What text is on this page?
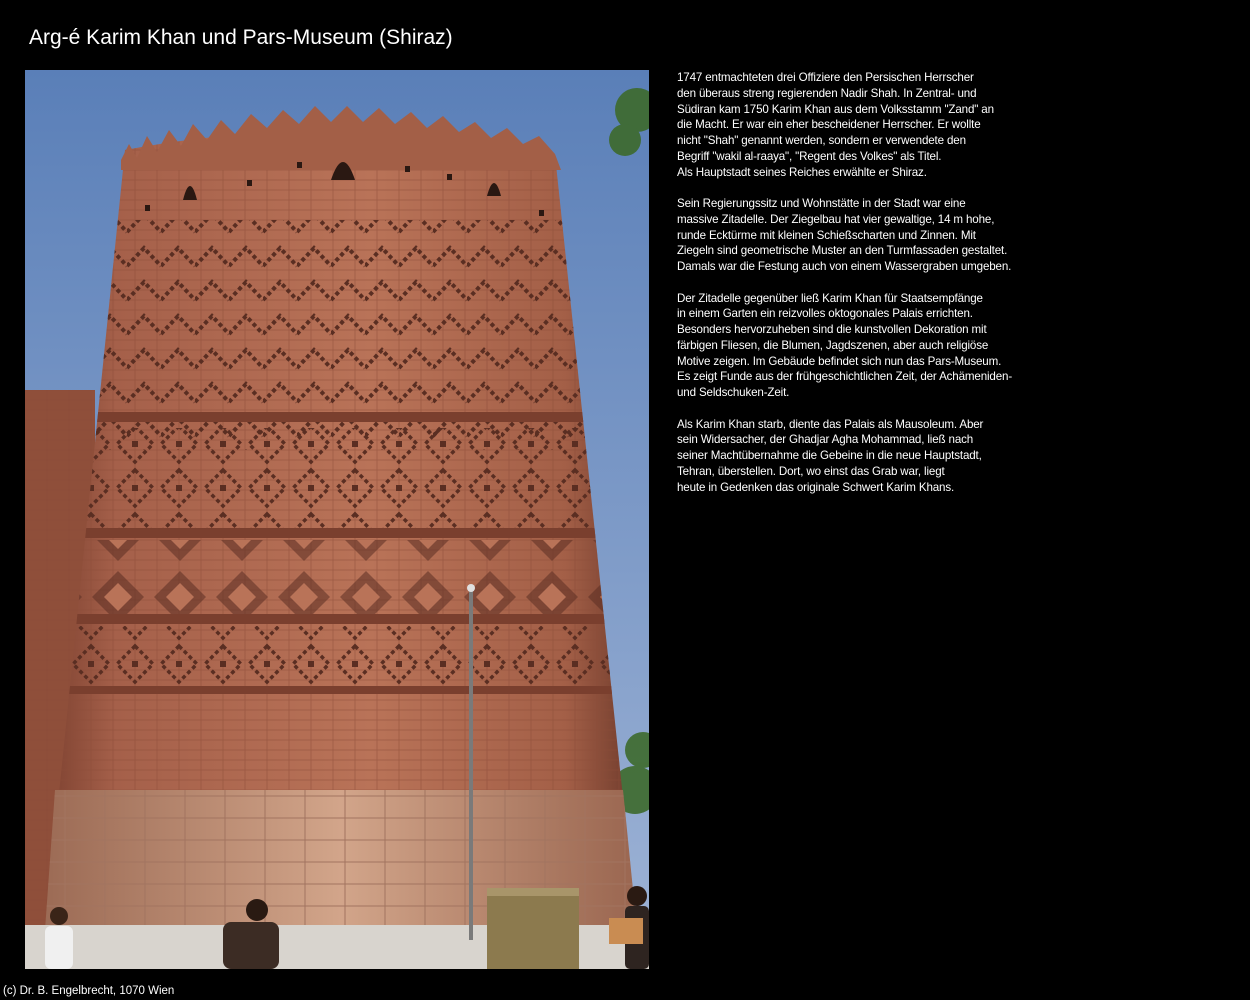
Arg-é Karim Khan und Pars-Museum (Shiraz)
1747 entmachteten drei Offiziere den Persischen Herrscher
den überaus streng regierenden Nadir Shah. In Zentral- und
Südiran kam 1750 Karim Khan aus dem Volksstamm "Zand" an
die Macht. Er war ein eher bescheidener Herrscher. Er wollte
nicht "Shah" genannt werden, sondern er verwendete den
Begriff "wakil al-raaya", "Regent des Volkes" als Titel.
Als Hauptstadt seines Reiches erwählte er Shiraz.
Sein Regierungssitz und Wohnstätte in der Stadt war eine
massive Zitadelle. Der Ziegelbau hat vier gewaltige, 14 m hohe,
runde Ecktürme mit kleinen Schießscharten und Zinnen. Mit
Ziegeln sind geometrische Muster an den Turmfassaden gestaltet.
Damals war die Festung auch von einem Wassergraben umgeben.
Der Zitadelle gegenüber ließ Karim Khan für Staatsempfänge
in einem Garten ein reizvolles oktogonales Palais errichten.
Besonders hervorzuheben sind die kunstvollen Dekoration mit
färbigen Fliesen, die Blumen, Jagdszenen, aber auch religiöse
Motive zeigen. Im Gebäude befindet sich nun das Pars-Museum.
Es zeigt Funde aus der frühgeschichtlichen Zeit, der Achämeniden-
und Seldschuken-Zeit.
Als Karim Khan starb, diente das Palais als Mausoleum. Aber
sein Widersacher, der Ghadjar Agha Mohammad, ließ nach
seiner Machtübernahme die Gebeine in die neue Hauptstadt,
Tehran, überstellen. Dort, wo einst das Grab war, liegt
heute in Gedenken das originale Schwert Karim Khans.
(c) Dr. B. Engelbrecht, 1070 Wien
